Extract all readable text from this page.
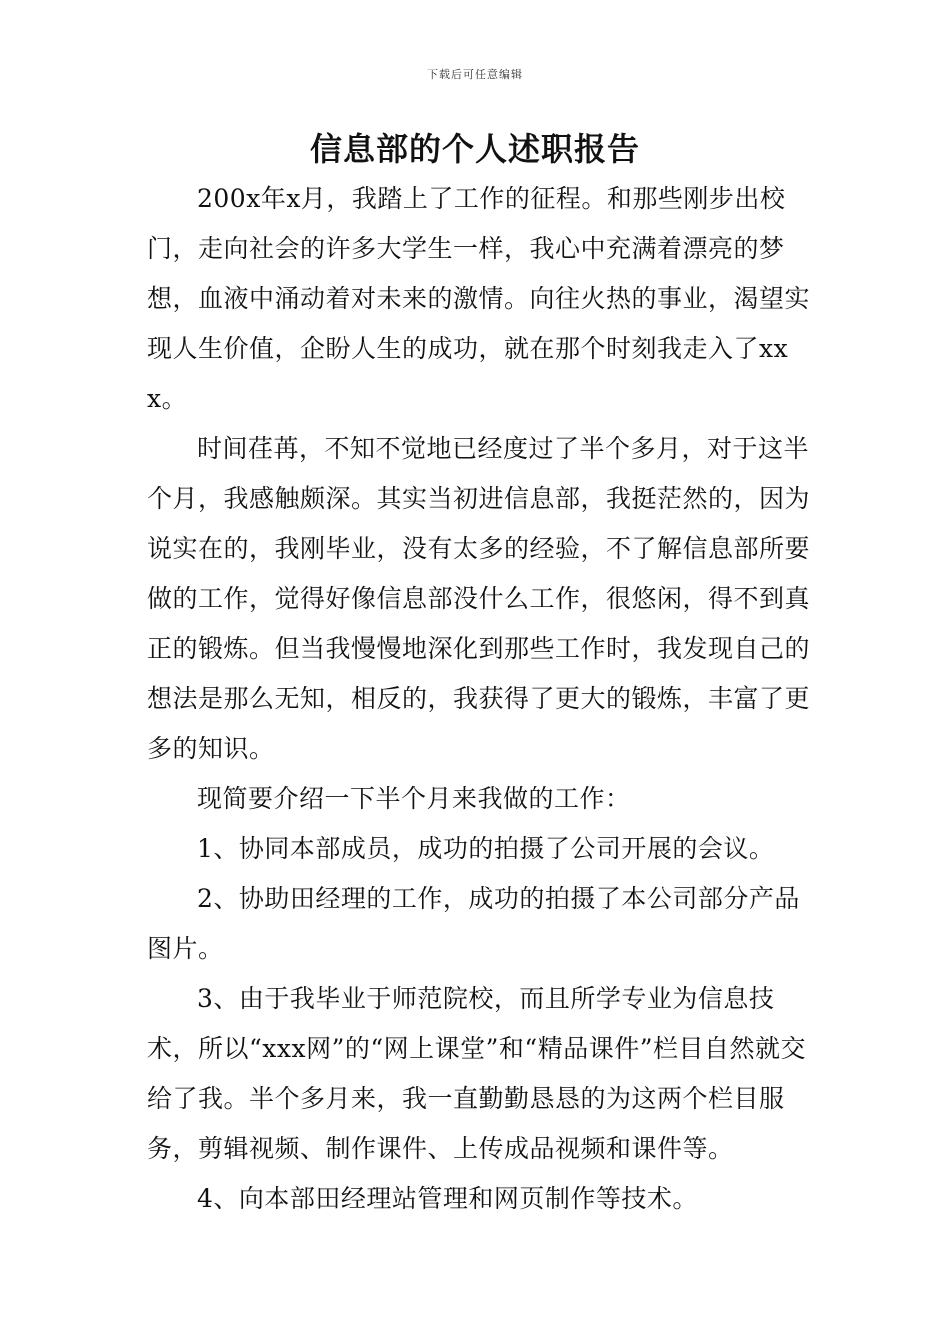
下载后可任意编辑
信息部的个人述职报告

200x年x月，我踏上了工作的征程。和那些刚步出校门，走向社会的许多大学生一样，我心中充满着漂亮的梦想，血液中涌动着对未来的激情。向往火热的事业，渴望实现人生价值，企盼人生的成功，就在那个时刻我走入了xxx。

时间荏苒，不知不觉地已经度过了半个多月，对于这半个月，我感触颇深。其实当初进信息部，我挺茫然的，因为说实在的，我刚毕业，没有太多的经验，不了解信息部所要做的工作，觉得好像信息部没什么工作，很悠闲，得不到真正的锻炼。但当我慢慢地深化到那些工作时，我发现自己的想法是那么无知，相反的，我获得了更大的锻炼，丰富了更多的知识。

现简要介绍一下半个月来我做的工作：

1、协同本部成员，成功的拍摄了公司开展的会议。

2、协助田经理的工作，成功的拍摄了本公司部分产品图片。

3、由于我毕业于师范院校，而且所学专业为信息技术，所以“xxx网”的“网上课堂”和“精品课件”栏目自然就交给了我。半个多月来，我一直勤勤恳恳的为这两个栏目服务，剪辑视频、制作课件、上传成品视频和课件等。

4、向本部田经理站管理和网页制作等技术。
